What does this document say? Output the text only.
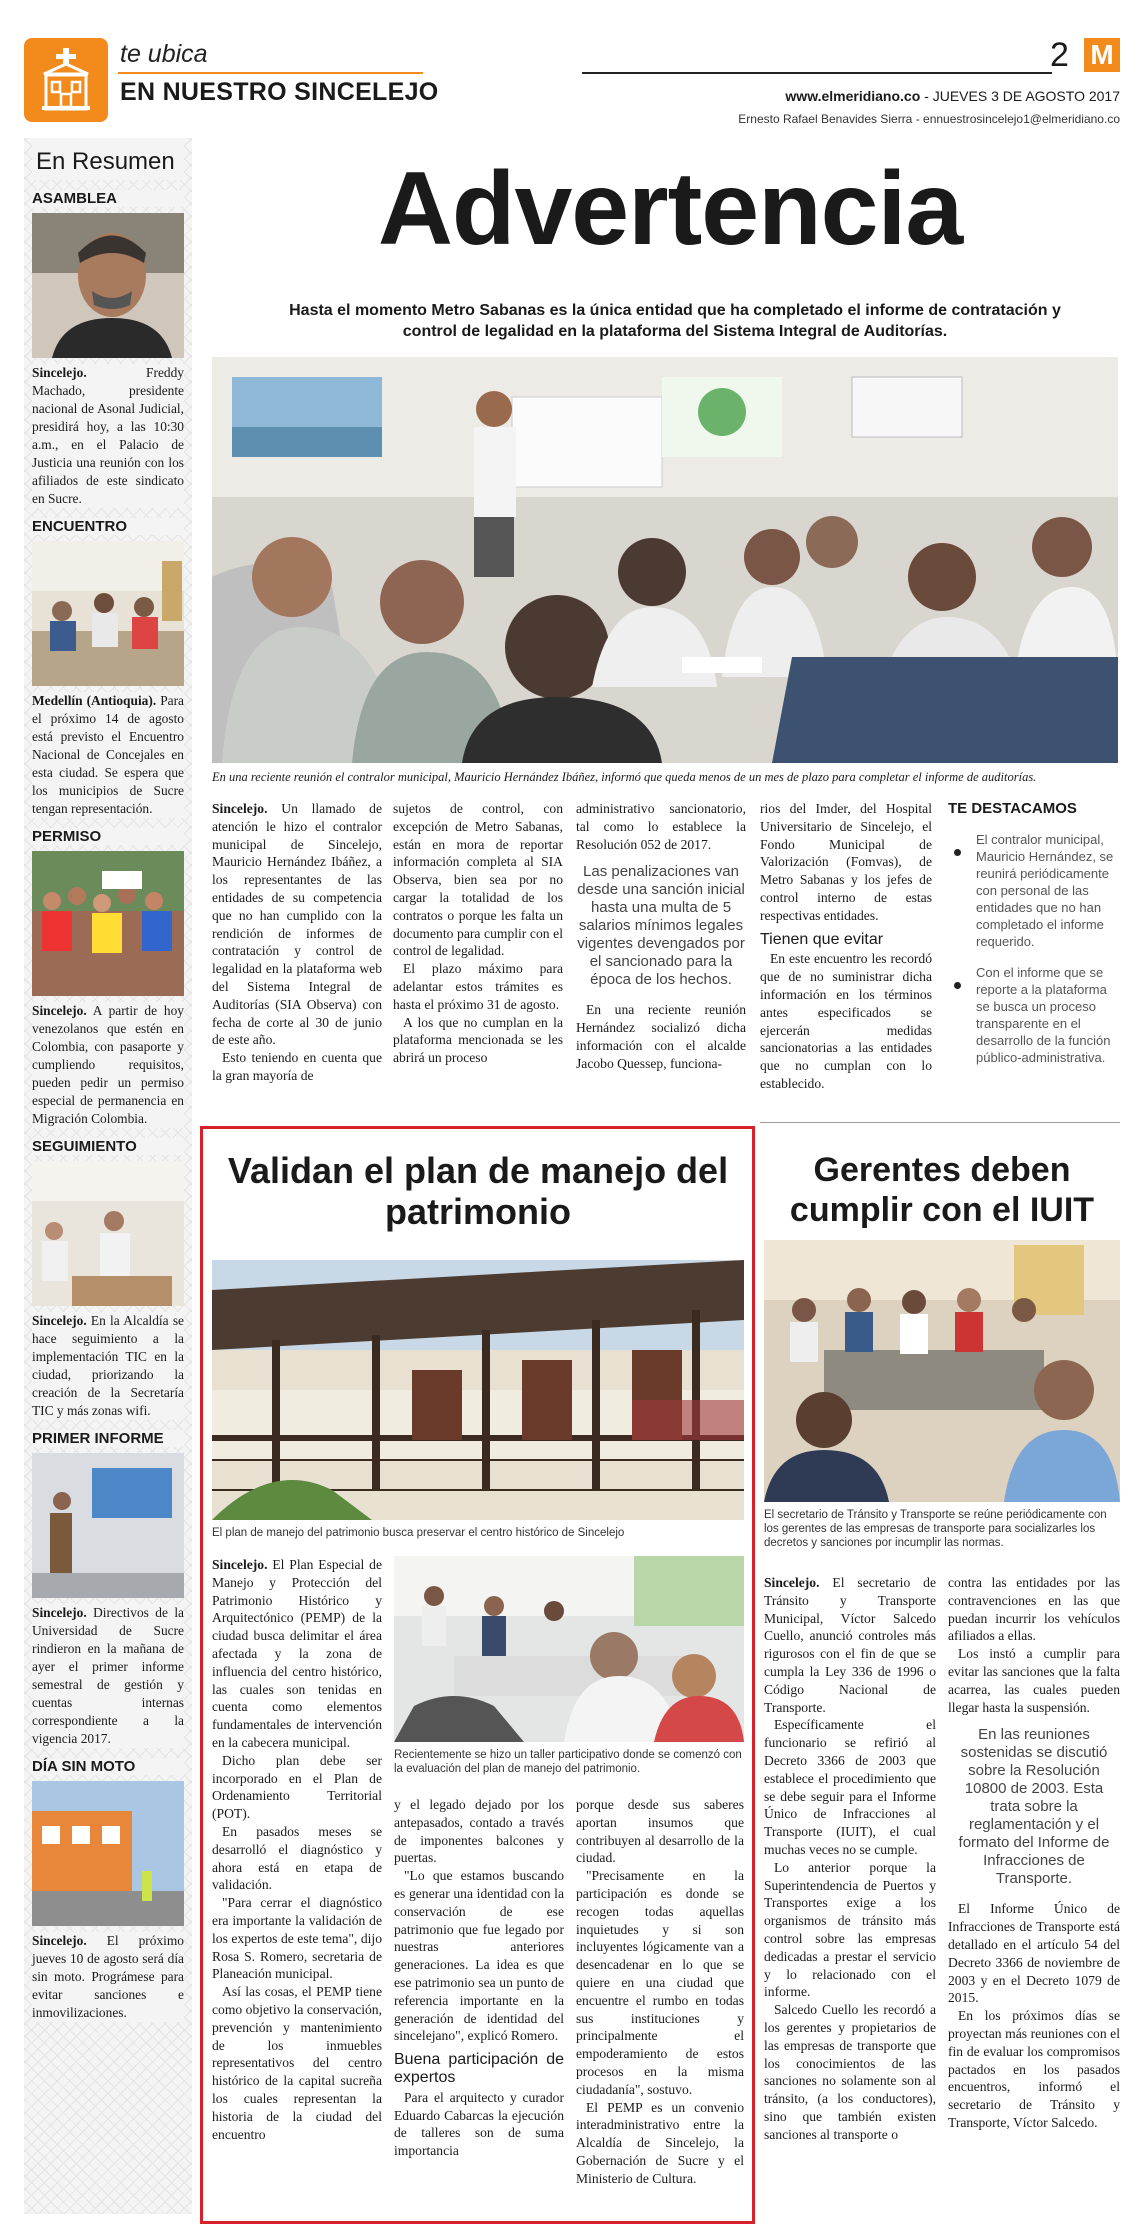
te ubica
EN NUESTRO SINCELEJO
2 M
www.elmeridiano.co - JUEVES 3 DE AGOSTO 2017
Ernesto Rafael Benavides Sierra - ennuestrosincelejo1@elmeridiano.co
En Resumen
ASAMBLEA
Sincelejo. Freddy Machado, presidente nacional de Asonal Judicial, presidirá hoy, a las 10:30 a.m., en el Palacio de Justicia una reunión con los afiliados de este sindicato en Sucre.
ENCUENTRO
Medellín (Antioquia). Para el próximo 14 de agosto está previsto el Encuentro Nacional de Concejales en esta ciudad. Se espera que los municipios de Sucre tengan representación.
PERMISO
Sincelejo. A partir de hoy venezolanos que estén en Colombia, con pasaporte y cumpliendo requisitos, pueden pedir un permiso especial de permanencia en Migración Colombia.
SEGUIMIENTO
Sincelejo. En la Alcaldía se hace seguimiento a la implementación TIC en la ciudad, priorizando la creación de la Secretaría TIC y más zonas wifi.
PRIMER INFORME
Sincelejo. Directivos de la Universidad de Sucre rindieron en la mañana de ayer el primer informe semestral de gestión y cuentas internas correspondiente a la vigencia 2017.
DÍA SIN MOTO
Sincelejo. El próximo jueves 10 de agosto será día sin moto. Prográmese para evitar sanciones e inmovilizaciones.
Advertencia
Hasta el momento Metro Sabanas es la única entidad que ha completado el informe de contratación y control de legalidad en la plataforma del Sistema Integral de Auditorías.
En una reciente reunión el contralor municipal, Mauricio Hernández Ibáñez, informó que queda menos de un mes de plazo para completar el informe de auditorías.

Sincelejo. Un llamado de atención le hizo el contralor municipal de Sincelejo, Mauricio Hernández Ibáñez, a los representantes de las entidades de su competencia que no han cumplido con la rendición de informes de contratación y control de legalidad en la plataforma web del Sistema Integral de Auditorías (SIA Observa) con fecha de corte al 30 de junio de este año.

Esto teniendo en cuenta que la gran mayoría de

sujetos de control, con excepción de Metro Sabanas, están en mora de reportar información completa al SIA Observa, bien sea por no cargar la totalidad de los contratos o porque les falta un documento para cumplir con el control de legalidad.

El plazo máximo para adelantar estos trámites es hasta el próximo 31 de agosto.

A los que no cumplan en la plataforma mencionada se les abrirá un proceso

administrativo sancionatorio, tal como lo establece la Resolución 052 de 2017.

Las penalizaciones van desde una sanción inicial hasta una multa de 5 salarios mínimos legales vigentes devengados por el sancionado para la época de los hechos.

En una reciente reunión Hernández socializó dicha información con el alcalde Jacobo Quessep, funciona-

rios del Imder, del Hospital Universitario de Sincelejo, el Fondo Municipal de Valorización (Fomvas), de Metro Sabanas y los jefes de control interno de estas respectivas entidades.

Tienen que evitar

En este encuentro les recordó que de no suministrar dicha información en los términos antes especificados se ejercerán medidas sancionatorias a las entidades que no cumplan con lo establecido.

TE DESTACAMOS
El contralor municipal, Mauricio Hernández, se reunirá periódicamente con personal de las entidades que no han completado el informe requerido.
Con el informe que se reporte a la plataforma se busca un proceso transparente en el desarrollo de la función público-administrativa.
Validan el plan de manejo del patrimonio
El plan de manejo del patrimonio busca preservar el centro histórico de Sincelejo
Recientemente se hizo un taller participativo donde se comenzó con la evaluación del plan de manejo del patrimonio.

Sincelejo. El Plan Especial de Manejo y Protección del Patrimonio Histórico y Arquitectónico (PEMP) de la ciudad busca delimitar el área afectada y la zona de influencia del centro histórico, las cuales son tenidas en cuenta como elementos fundamentales de intervención en la cabecera municipal.

Dicho plan debe ser incorporado en el Plan de Ordenamiento Territorial (POT).

En pasados meses se desarrolló el diagnóstico y ahora está en etapa de validación.

"Para cerrar el diagnóstico era importante la validación de los expertos de este tema", dijo Rosa S. Romero, secretaria de Planeación municipal.

Así las cosas, el PEMP tiene como objetivo la conservación, prevención y mantenimiento de los inmuebles representativos del centro histórico de la capital sucreña los cuales representan la historia de la ciudad del encuentro

y el legado dejado por los antepasados, contado a través de imponentes balcones y puertas.

"Lo que estamos buscando es generar una identidad con la conservación de ese patrimonio que fue legado por nuestras anteriores generaciones. La idea es que ese patrimonio sea un punto de referencia importante en la generación de identidad del sincelejano", explicó Romero.

Buena participación de expertos

Para el arquitecto y curador Eduardo Cabarcas la ejecución de talleres son de suma importancia

porque desde sus saberes aportan insumos que contribuyen al desarrollo de la ciudad.

"Precisamente en la participación es donde se recogen todas aquellas inquietudes y si son incluyentes lógicamente van a desencadenar en lo que se quiere en una ciudad que encuentre el rumbo en todas sus instituciones y principalmente el empoderamiento de estos procesos en la misma ciudadanía", sostuvo.

El PEMP es un convenio interadministrativo entre la Alcaldía de Sincelejo, la Gobernación de Sucre y el Ministerio de Cultura.

Gerentes deben cumplir con el IUIT
El secretario de Tránsito y Transporte se reúne periódicamente con los gerentes de las empresas de transporte para socializarles los decretos y sanciones por incumplir las normas.

Sincelejo. El secretario de Tránsito y Transporte Municipal, Víctor Salcedo Cuello, anunció controles más rigurosos con el fin de que se cumpla la Ley 336 de 1996 o Código Nacional de Transporte.

Específicamente el funcionario se refirió al Decreto 3366 de 2003 que establece el procedimiento que se debe seguir para el Informe Único de Infracciones al Transporte (IUIT), el cual muchas veces no se cumple.

Lo anterior porque la Superintendencia de Puertos y Transportes exige a los organismos de tránsito más control sobre las empresas dedicadas a prestar el servicio y lo relacionado con el informe.

Salcedo Cuello les recordó a los gerentes y propietarios de las empresas de transporte que los conocimientos de las sanciones no solamente son al tránsito, (a los conductores), sino que también existen sanciones al transporte o

contra las entidades por las contravenciones en las que puedan incurrir los vehículos afiliados a ellas.

Los instó a cumplir para evitar las sanciones que la falta acarrea, las cuales pueden llegar hasta la suspensión.

En las reuniones sostenidas se discutió sobre la Resolución 10800 de 2003. Esta trata sobre la reglamentación y el formato del Informe de Infracciones de Transporte.

El Informe Único de Infracciones de Transporte está detallado en el artículo 54 del Decreto 3366 de noviembre de 2003 y en el Decreto 1079 de 2015.

En los próximos días se proyectan más reuniones con el fin de evaluar los compromisos pactados en los pasados encuentros, informó el secretario de Tránsito y Transporte, Víctor Salcedo.
